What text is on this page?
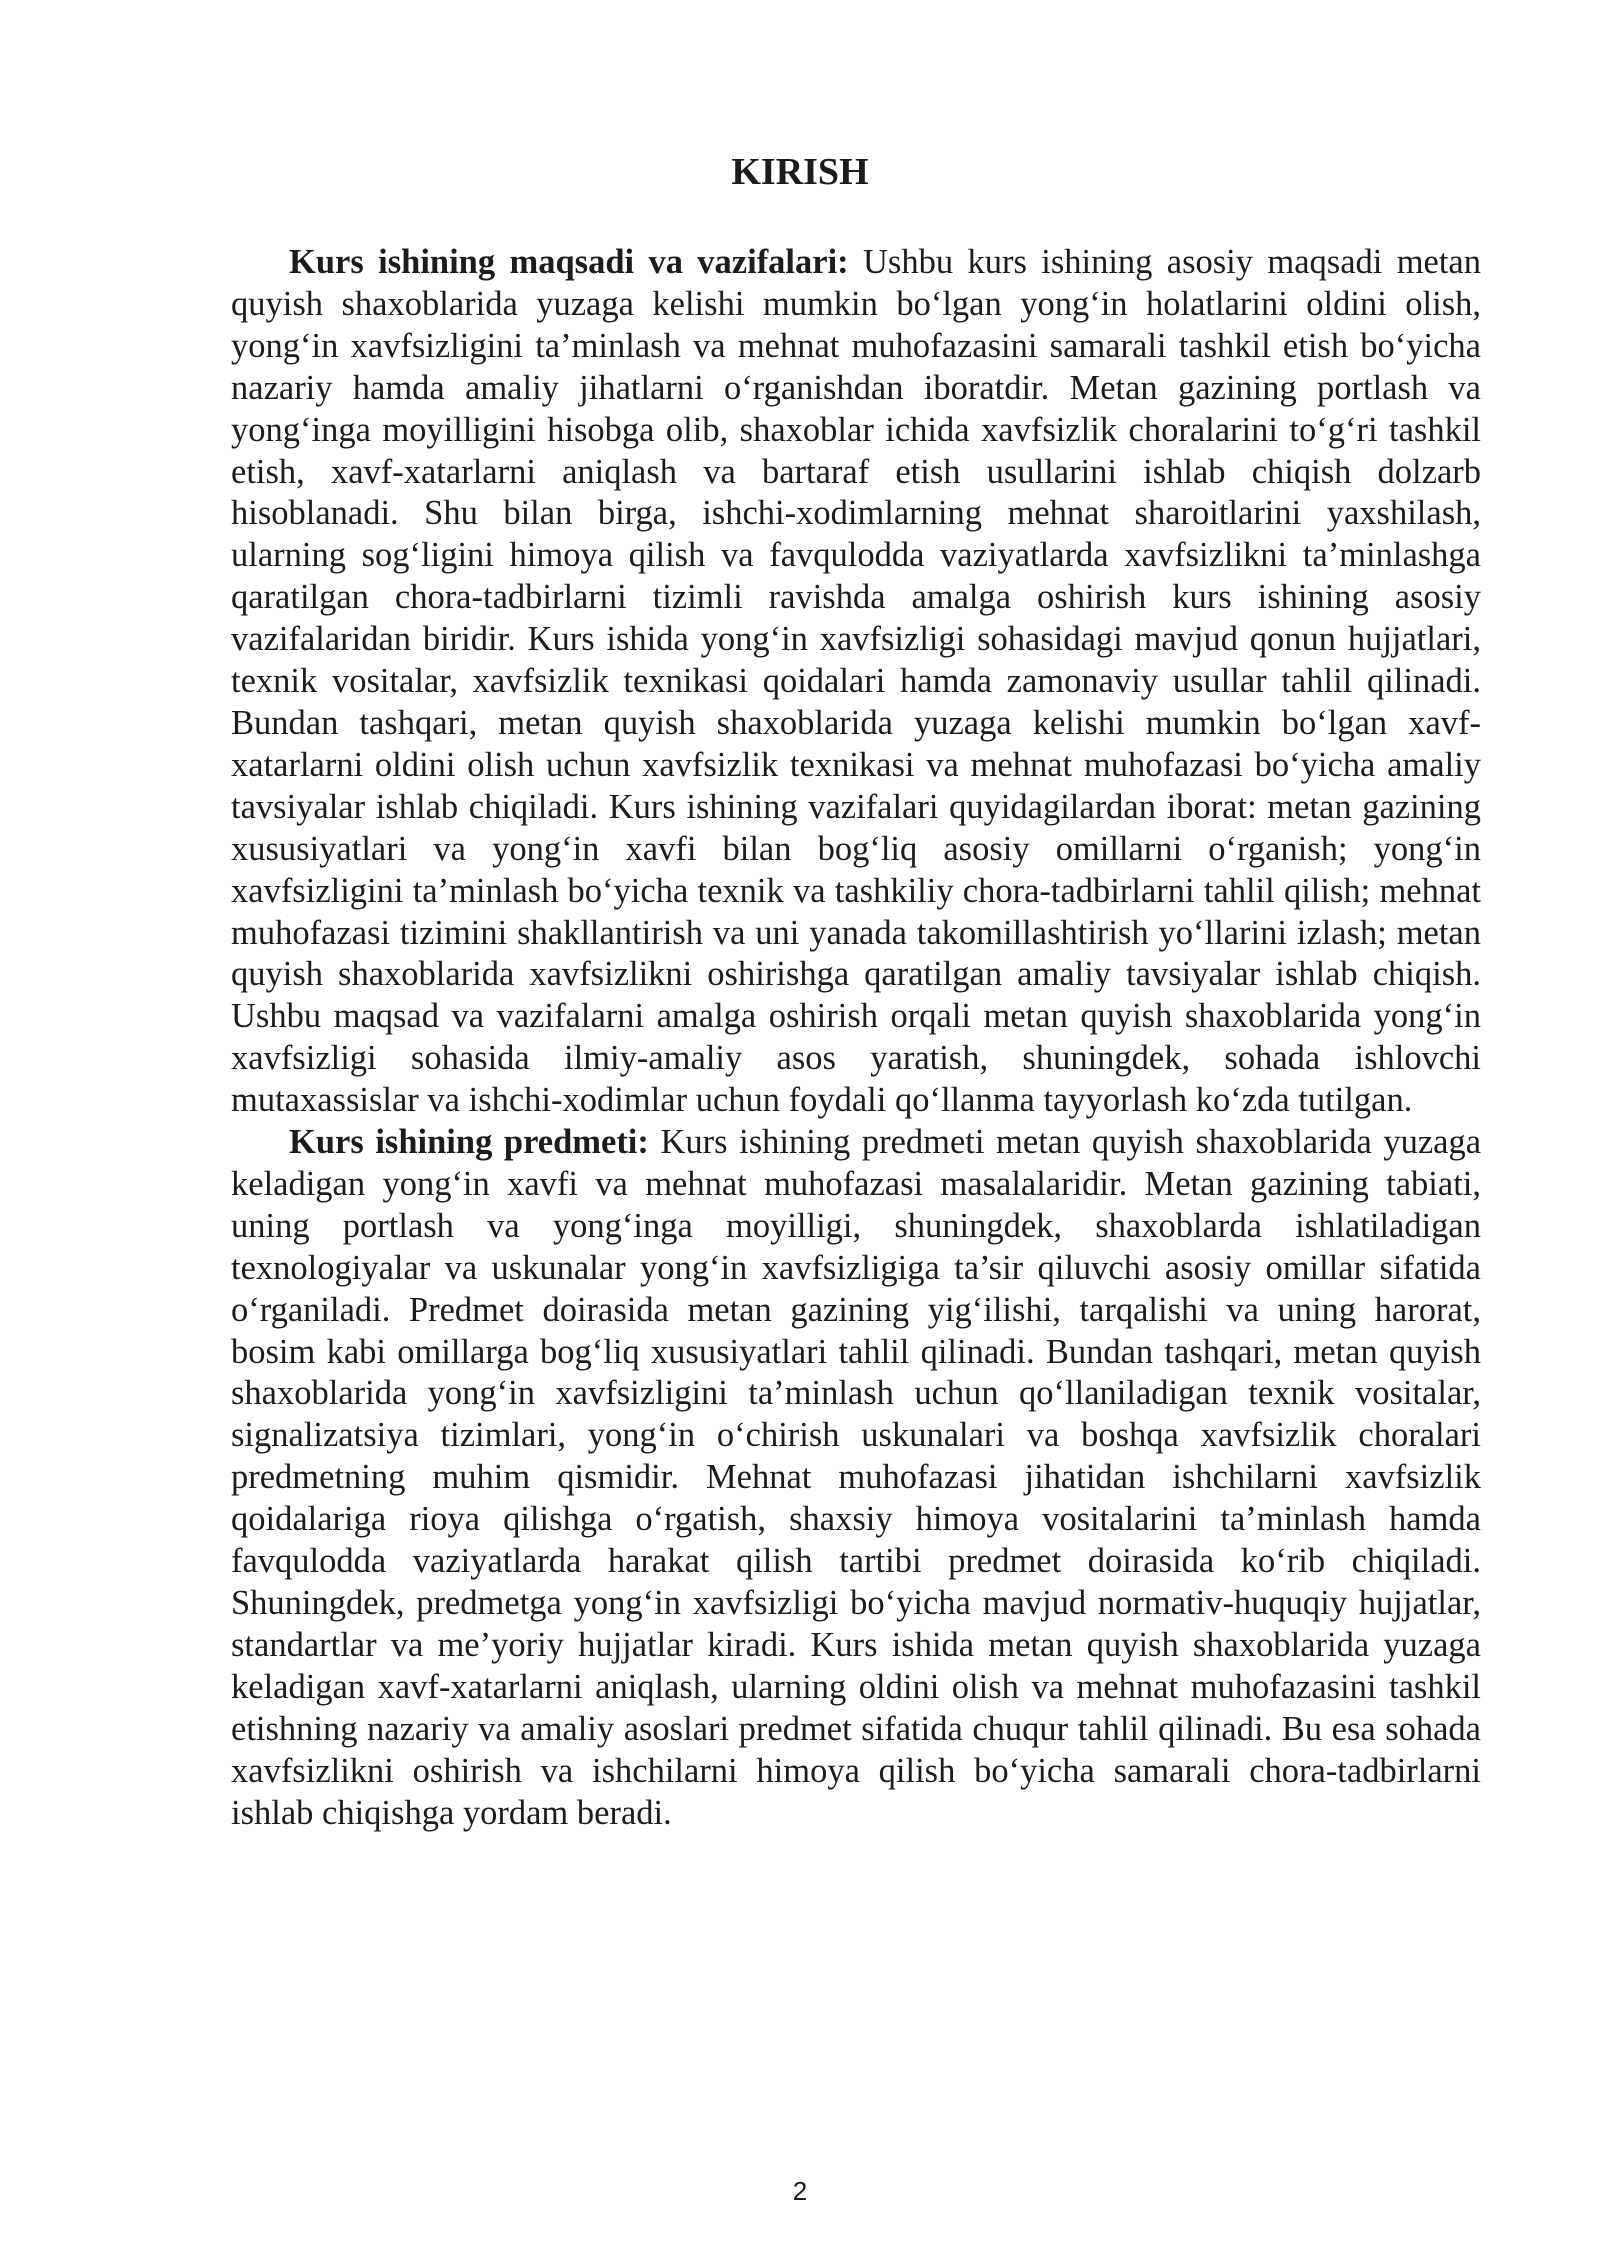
KIRISH

Kurs ishining maqsadi va vazifalari: Ushbu kurs ishining asosiy maqsadi metan quyish shaxoblarida yuzaga kelishi mumkin bo‘lgan yong‘in holatlarini oldini olish, yong‘in xavfsizligini ta’minlash va mehnat muhofazasini samarali tashkil etish bo‘yicha nazariy hamda amaliy jihatlarni o‘rganishdan iboratdir. Metan gazining portlash va yong‘inga moyilligini hisobga olib, shaxoblar ichida xavfsizlik choralarini to‘g‘ri tashkil etish, xavf-xatarlarni aniqlash va bartaraf etish usullarini ishlab chiqish dolzarb hisoblanadi. Shu bilan birga, ishchi-xodimlarning mehnat sharoitlarini yaxshilash, ularning sog‘ligini himoya qilish va favqulodda vaziyatlarda xavfsizlikni ta’minlashga qaratilgan chora-tadbirlarni tizimli ravishda amalga oshirish kurs ishining asosiy vazifalaridan biridir. Kurs ishida yong‘in xavfsizligi sohasidagi mavjud qonun hujjatlari, texnik vositalar, xavfsizlik texnikasi qoidalari hamda zamonaviy usullar tahlil qilinadi. Bundan tashqari, metan quyish shaxoblarida yuzaga kelishi mumkin bo‘lgan xavf-xatarlarni oldini olish uchun xavfsizlik texnikasi va mehnat muhofazasi bo‘yicha amaliy tavsiyalar ishlab chiqiladi. Kurs ishining vazifalari quyidagilardan iborat: metan gazining xususiyatlari va yong‘in xavfi bilan bog‘liq asosiy omillarni o‘rganish; yong‘in xavfsizligini ta’minlash bo‘yicha texnik va tashkiliy chora-tadbirlarni tahlil qilish; mehnat muhofazasi tizimini shakllantirish va uni yanada takomillashtirish yo‘llarini izlash; metan quyish shaxoblarida xavfsizlikni oshirishga qaratilgan amaliy tavsiyalar ishlab chiqish. Ushbu maqsad va vazifalarni amalga oshirish orqali metan quyish shaxoblarida yong‘in xavfsizligi sohasida ilmiy-amaliy asos yaratish, shuningdek, sohada ishlovchi mutaxassislar va ishchi-xodimlar uchun foydali qo‘llanma tayyorlash ko‘zda tutilgan.

Kurs ishining predmeti: Kurs ishining predmeti metan quyish shaxoblarida yuzaga keladigan yong‘in xavfi va mehnat muhofazasi masalalaridir. Metan gazining tabiati, uning portlash va yong‘inga moyilligi, shuningdek, shaxoblarda ishlatiladigan texnologiyalar va uskunalar yong‘in xavfsizligiga ta’sir qiluvchi asosiy omillar sifatida o‘rganiladi. Predmet doirasida metan gazining yig‘ilishi, tarqalishi va uning harorat, bosim kabi omillarga bog‘liq xususiyatlari tahlil qilinadi. Bundan tashqari, metan quyish shaxoblarida yong‘in xavfsizligini ta’minlash uchun qo‘llaniladigan texnik vositalar, signalizatsiya tizimlari, yong‘in o‘chirish uskunalari va boshqa xavfsizlik choralari predmetning muhim qismidir. Mehnat muhofazasi jihatidan ishchilarni xavfsizlik qoidalariga rioya qilishga o‘rgatish, shaxsiy himoya vositalarini ta’minlash hamda favqulodda vaziyatlarda harakat qilish tartibi predmet doirasida ko‘rib chiqiladi. Shuningdek, predmetga yong‘in xavfsizligi bo‘yicha mavjud normativ-huquqiy hujjatlar, standartlar va me’yoriy hujjatlar kiradi. Kurs ishida metan quyish shaxoblarida yuzaga keladigan xavf-xatarlarni aniqlash, ularning oldini olish va mehnat muhofazasini tashkil etishning nazariy va amaliy asoslari predmet sifatida chuqur tahlil qilinadi. Bu esa sohada xavfsizlikni oshirish va ishchilarni himoya qilish bo‘yicha samarali chora-tadbirlarni ishlab chiqishga yordam beradi.

2
